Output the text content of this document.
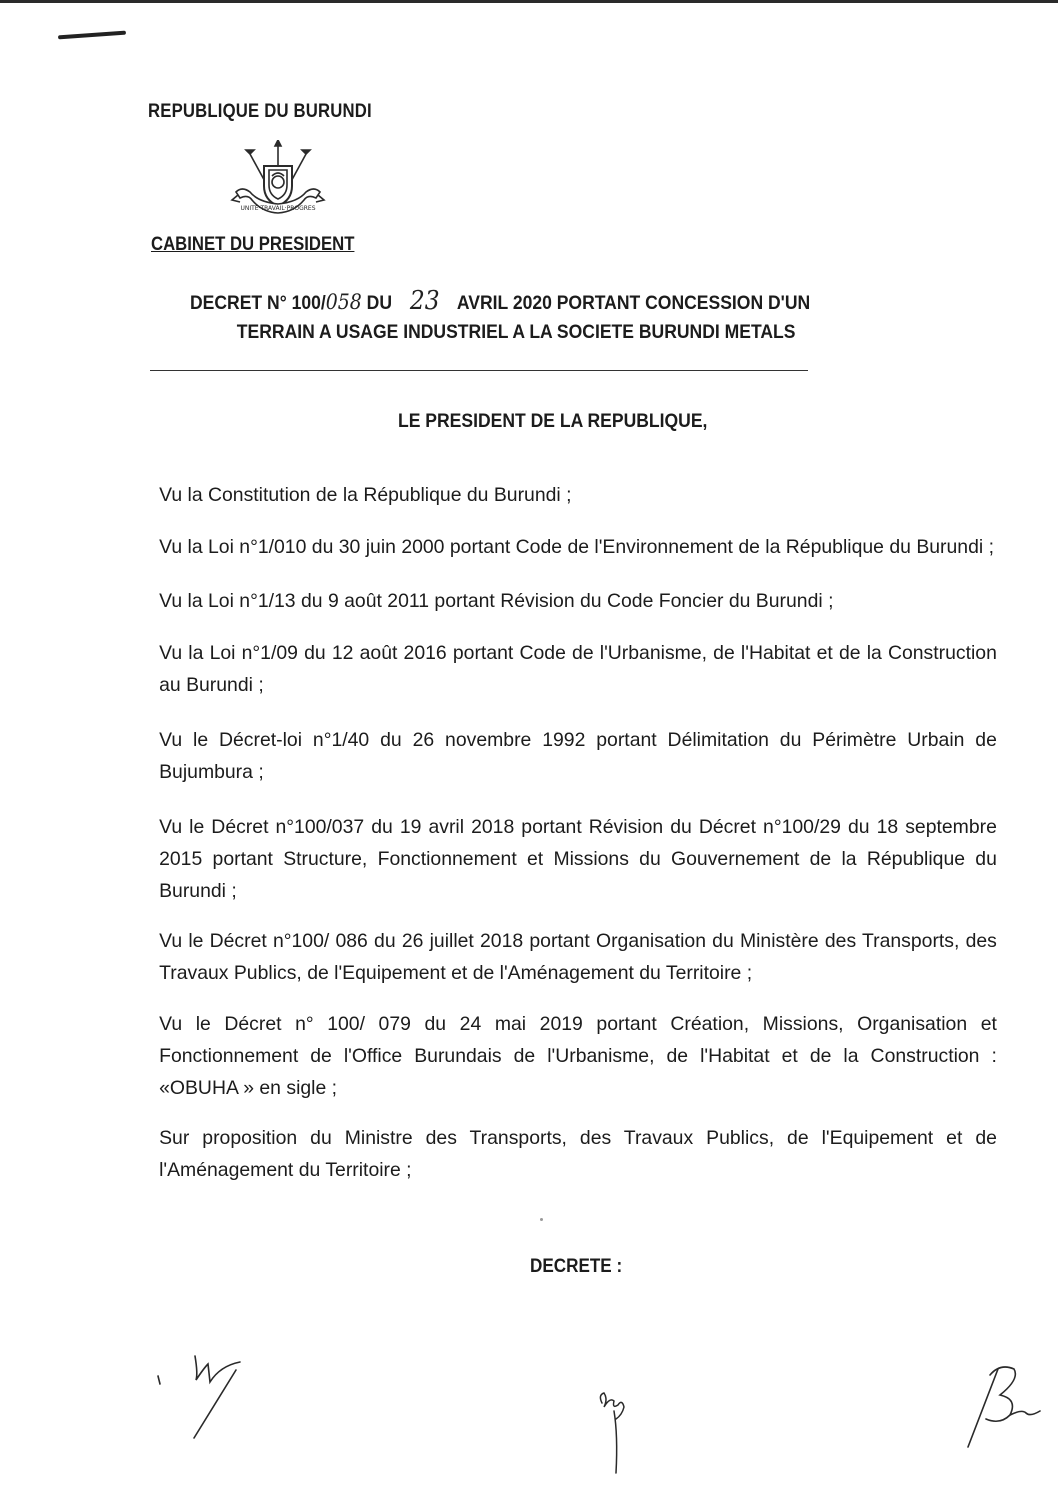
REPUBLIQUE DU BURUNDI
UNITE·TRAVAIL·PROGRES
CABINET DU PRESIDENT
DECRET N° 100/058 DU 23 AVRIL 2020 PORTANT CONCESSION D'UN
TERRAIN A USAGE INDUSTRIEL A LA SOCIETE BURUNDI METALS
LE PRESIDENT DE LA REPUBLIQUE,
Vu la Constitution de la République du Burundi ;
Vu la Loi n°1/010 du 30 juin 2000 portant Code de l'Environnement de la République du Burundi ;
Vu la Loi n°1/13 du 9 août 2011 portant Révision du Code Foncier du Burundi ;
Vu la Loi n°1/09 du 12 août 2016 portant Code de l'Urbanisme, de l'Habitat et de la Construction au Burundi ;
Vu le Décret-loi n°1/40 du 26 novembre 1992 portant Délimitation du Périmètre Urbain de Bujumbura ;
Vu le Décret n°100/037 du 19 avril 2018 portant Révision du Décret n°100/29 du 18 septembre 2015 portant Structure, Fonctionnement et Missions du Gouvernement de la République du Burundi ;
Vu le Décret n°100/ 086 du 26 juillet 2018 portant Organisation du Ministère des Transports, des Travaux Publics, de l'Equipement et de l'Aménagement du Territoire ;
Vu le Décret n° 100/ 079 du 24 mai 2019 portant Création, Missions, Organisation et Fonctionnement de l'Office Burundais de l'Urbanisme, de l'Habitat et de la Construction : «OBUHA » en sigle ;
Sur proposition du Ministre des Transports, des Travaux Publics, de l'Equipement et de l'Aménagement du Territoire ;
DECRETE :
